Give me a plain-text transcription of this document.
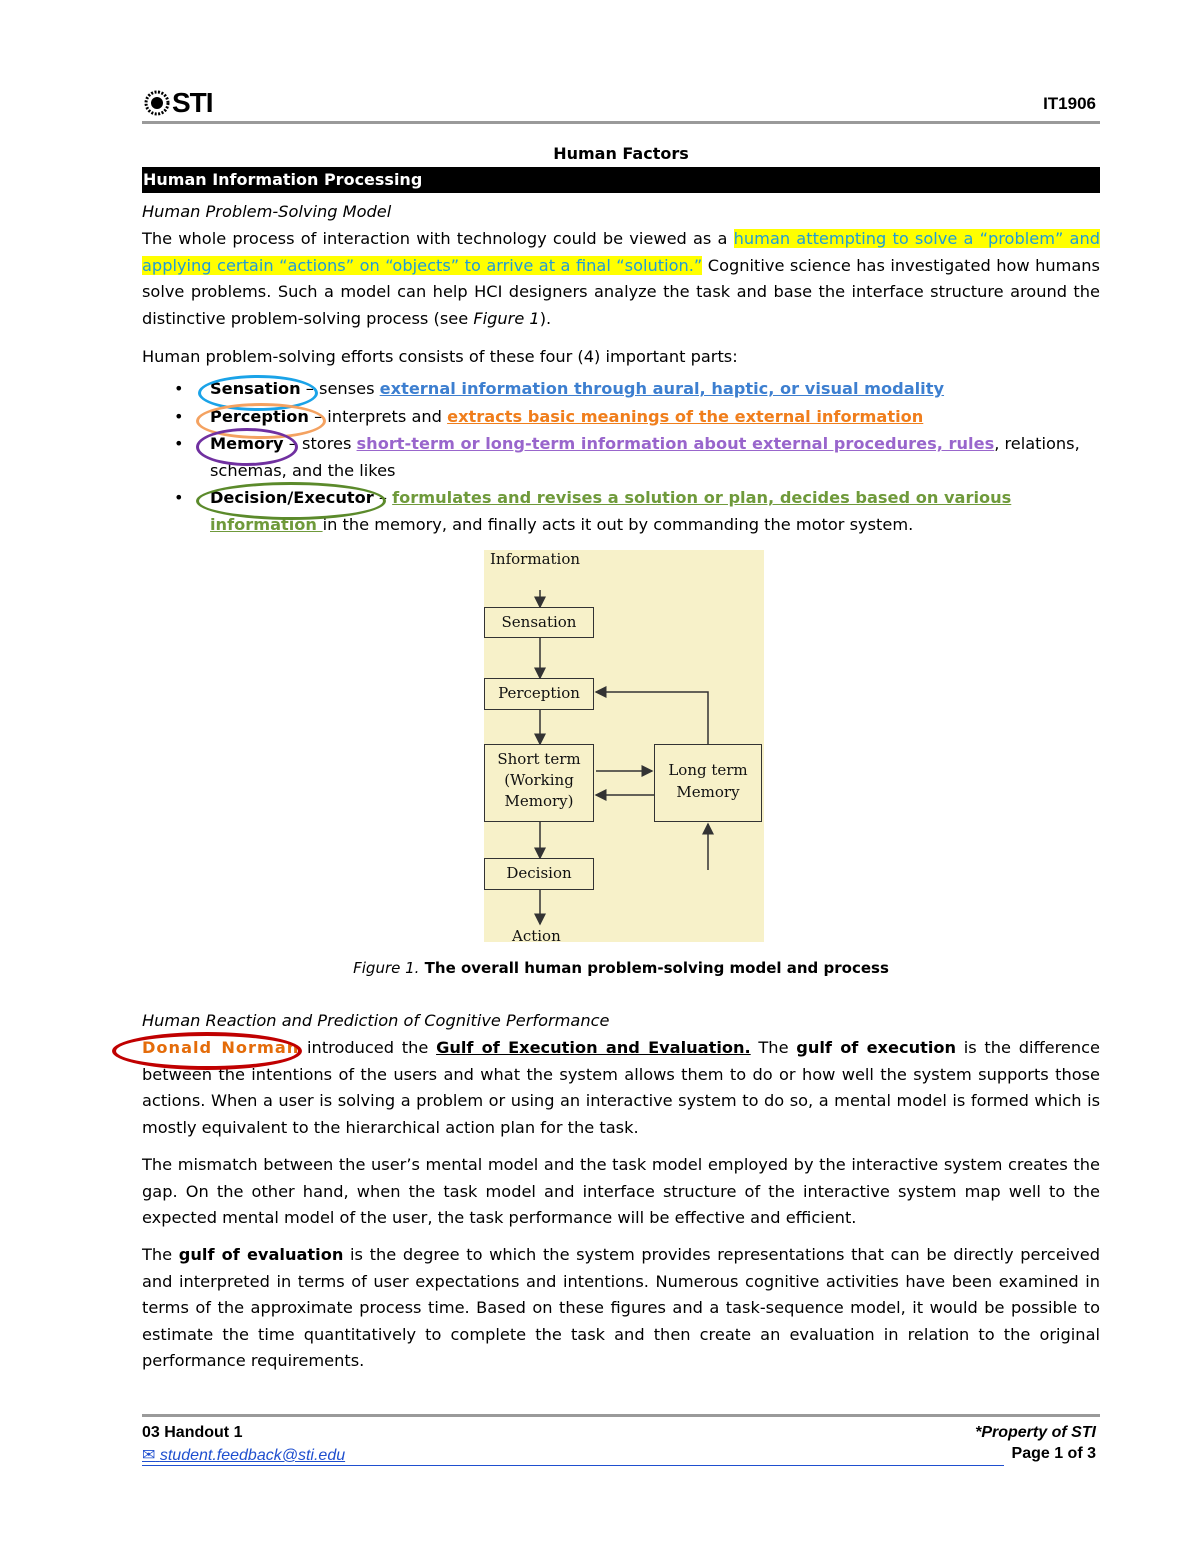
STI	IT1906
Human Factors
Human Information Processing
Human Problem-Solving Model
The whole process of interaction with technology could be viewed as a human attempting to solve a “problem” and applying certain “actions” on “objects” to arrive at a final “solution.” Cognitive science has investigated how humans solve problems. Such a model can help HCI designers analyze the task and base the interface structure around the distinctive problem-solving process (see Figure 1).
Human problem-solving efforts consists of these four (4) important parts:
• Sensation
– senses external information through aural, haptic, or visual modality
• Perception
– interprets and extracts basic meanings of the external information
• Memory
– stores short-term or long-term information about external procedures, rules, relations, schemas, and the likes
• Decision/Executor
– formulates and revises a solution or plan, decides based on various information in the memory, and finally acts it out by commanding the motor system.
Information
Sensation
Perception
Short term (Working Memory)
Long term Memory
Decision
Action
Figure 1. The overall human problem-solving model and process
Human Reaction and Prediction of Cognitive Performance
Donald Norman
introduced the Gulf of Execution and Evaluation. The gulf of execution is the difference between the intentions of the users and what the system allows them to do or how well the system supports those actions. When a user is solving a problem or using an interactive system to do so, a mental model is formed which is mostly equivalent to the hierarchical action plan for the task.
The mismatch between the user’s mental model and the task model employed by the interactive system creates the gap. On the other hand, when the task model and interface structure of the interactive system map well to the expected mental model of the user, the task performance will be effective and efficient.
The gulf of evaluation is the degree to which the system provides representations that can be directly perceived and interpreted in terms of user expectations and intentions. Numerous cognitive activities have been examined in terms of the approximate process time. Based on these figures and a task-sequence model, it would be possible to estimate the time quantitatively to complete the task and then create an evaluation in relation to the original performance requirements.
03 Handout 1	*Property of STI
✉ student.feedback@sti.edu	Page 1 of 3
